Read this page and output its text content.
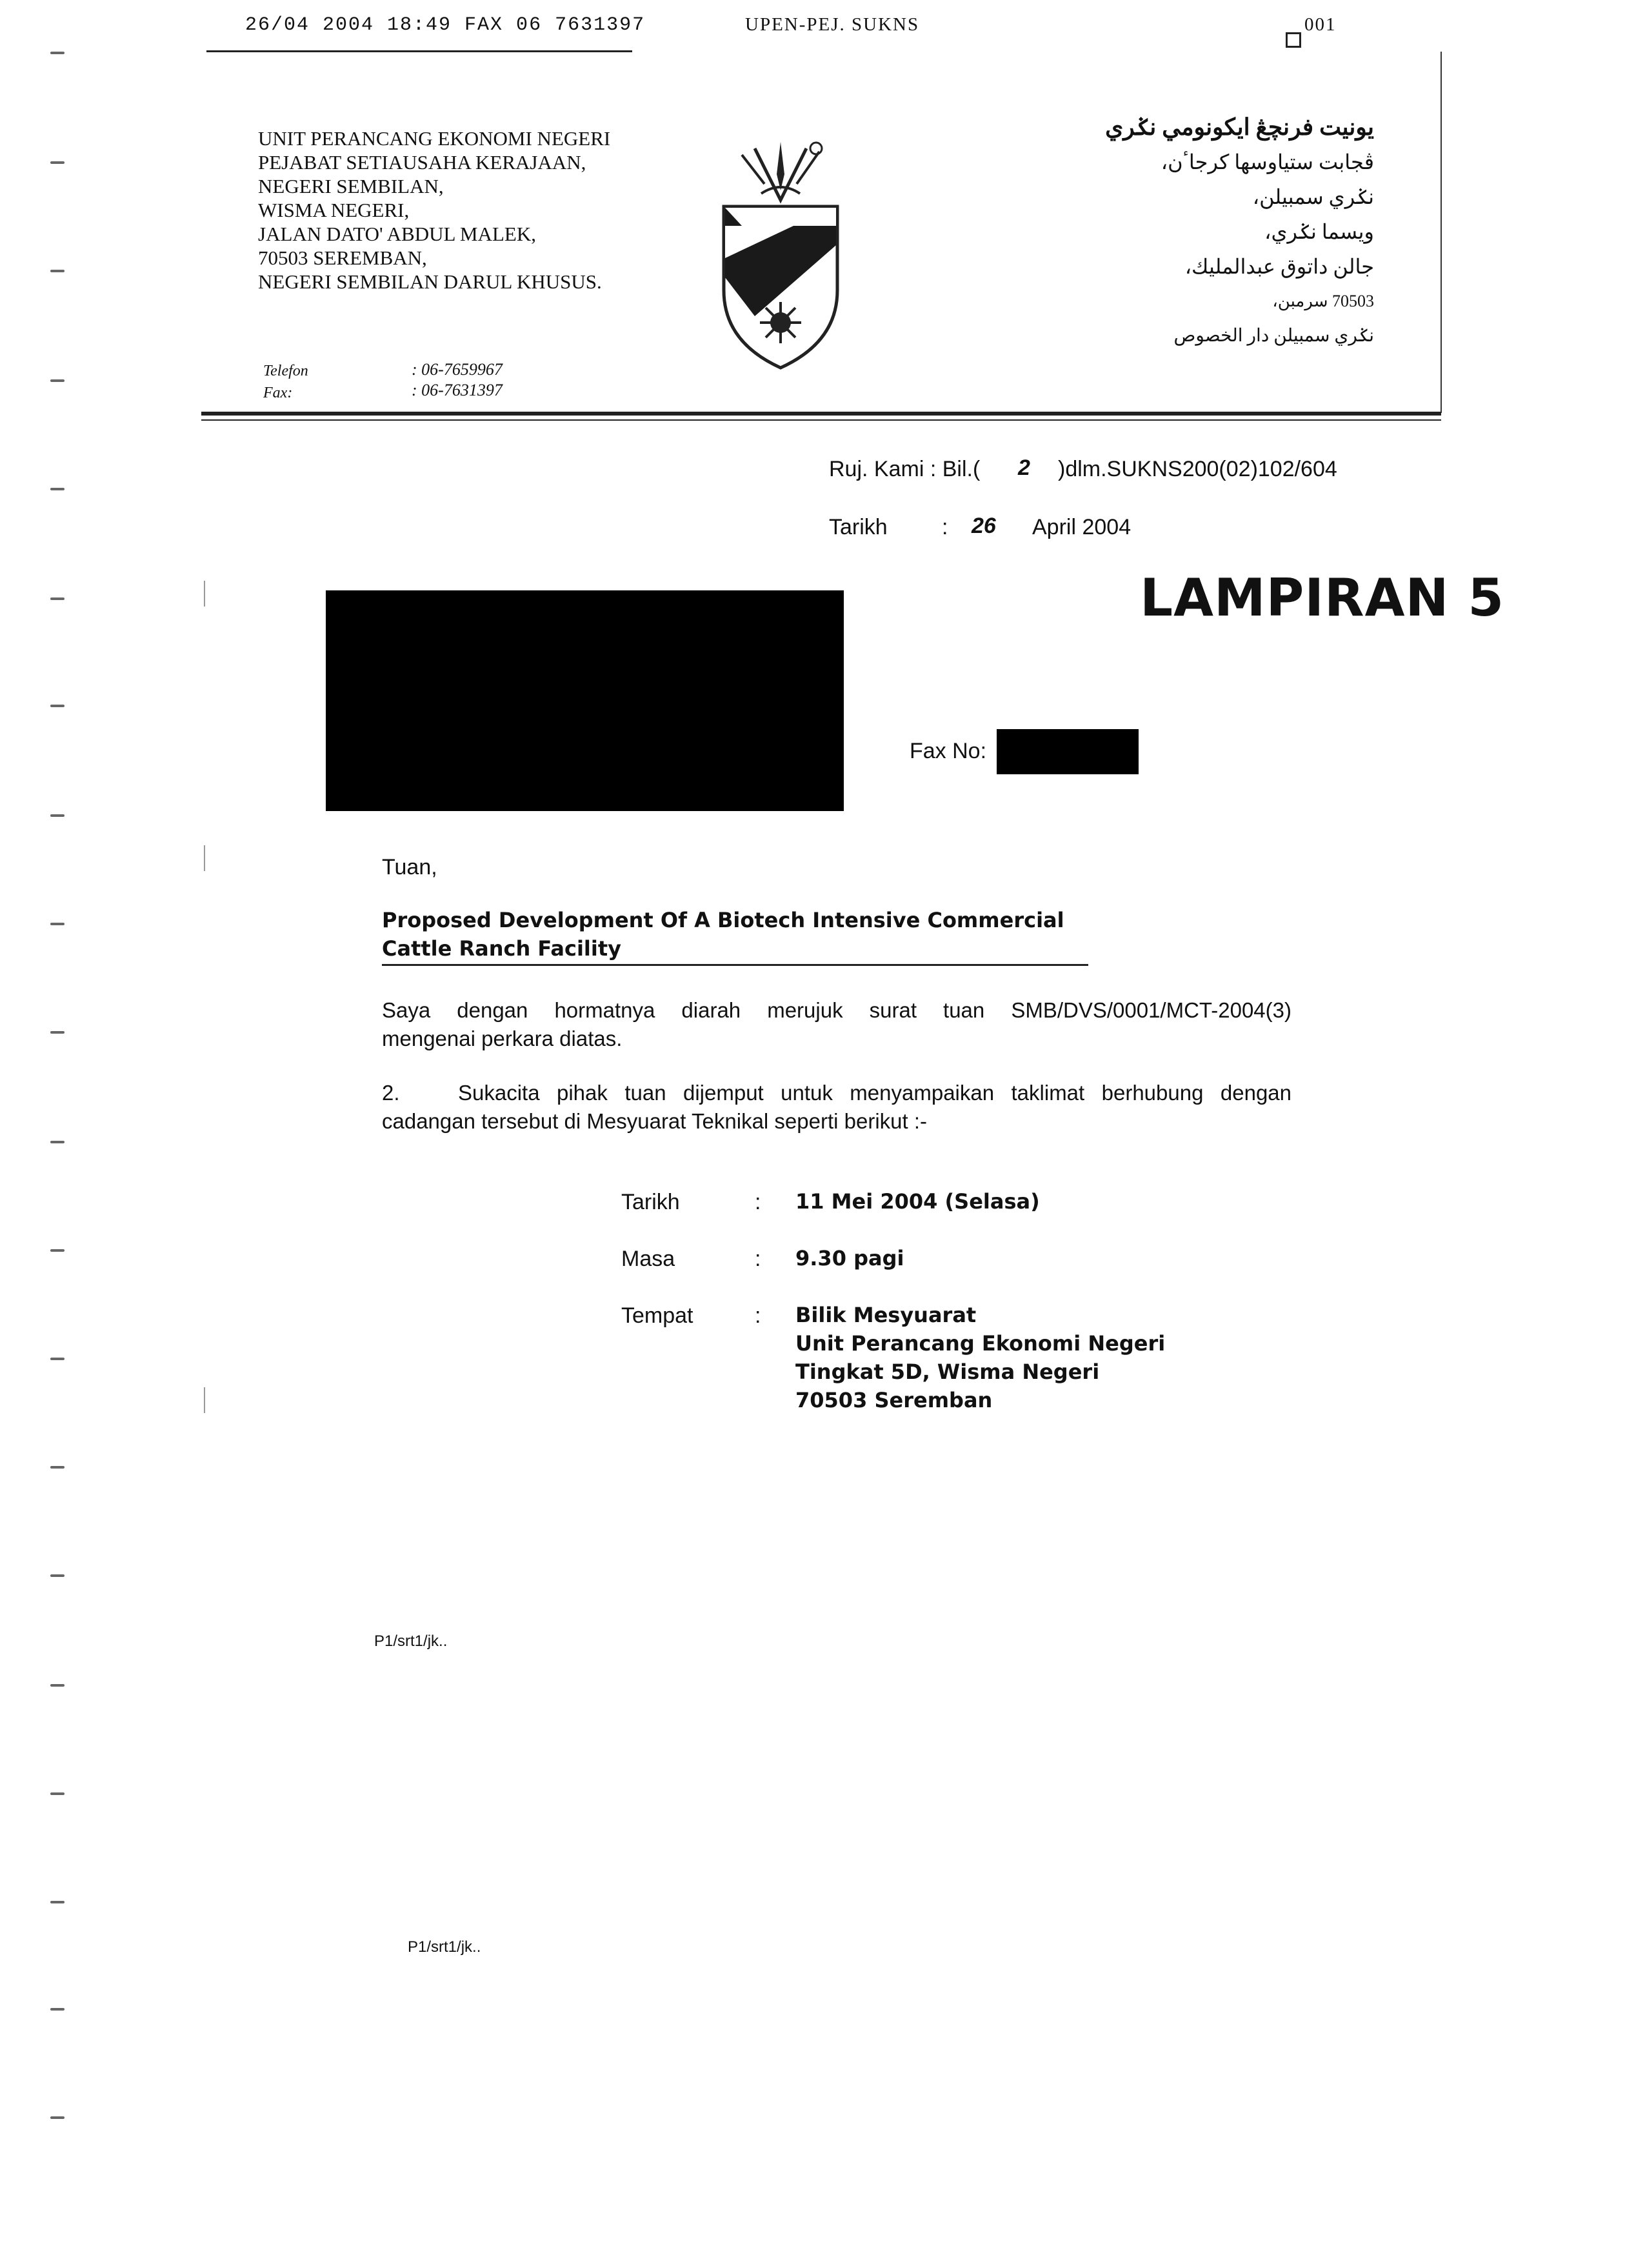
26/04 2004 18:49 FAX 06 7631397	UPEN-PEJ. SUKNS	001
UNIT PERANCANG EKONOMI NEGERI
PEJABAT SETIAUSAHA KERAJAAN,
NEGERI SEMBILAN,
WISMA NEGERI,
JALAN DATO' ABDUL MALEK,
70503 SEREMBAN,
NEGERI SEMBILAN DARUL KHUSUS.
Telefon	: 06-7659967
Fax:	: 06-7631397
يونيت فرنچڠ ايكونومي نݢري
ڤجابت ستياوسها كرجاٴن،
نݢري سمبيلن،
ويسما نݢري،
جالن داتوق عبدالمليك،
70503 سرمبن،
نݢري سمبيلن دار الخصوص
Ruj. Kami : Bil.( 2 )dlm.SUKNS200(02)102/604
Tarikh : 26 April 2004
LAMPIRAN 5
Fax No:
Tuan,
Proposed Development Of A Biotech Intensive Commercial
Cattle Ranch Facility
Saya dengan hormatnya diarah merujuk surat tuan SMB/DVS/0001/MCT-2004(3)
mengenai perkara diatas.
2.	Sukacita pihak tuan dijemput untuk menyampaikan taklimat berhubung dengan
cadangan tersebut di Mesyuarat Teknikal seperti berikut :-
Tarikh	: 11 Mei 2004 (Selasa)
Masa	: 9.30 pagi
Tempat	: Bilik Mesyuarat
Unit Perancang Ekonomi Negeri
Tingkat 5D, Wisma Negeri
70503 Seremban
P1/srt1/jk..
P1/srt1/jk..
